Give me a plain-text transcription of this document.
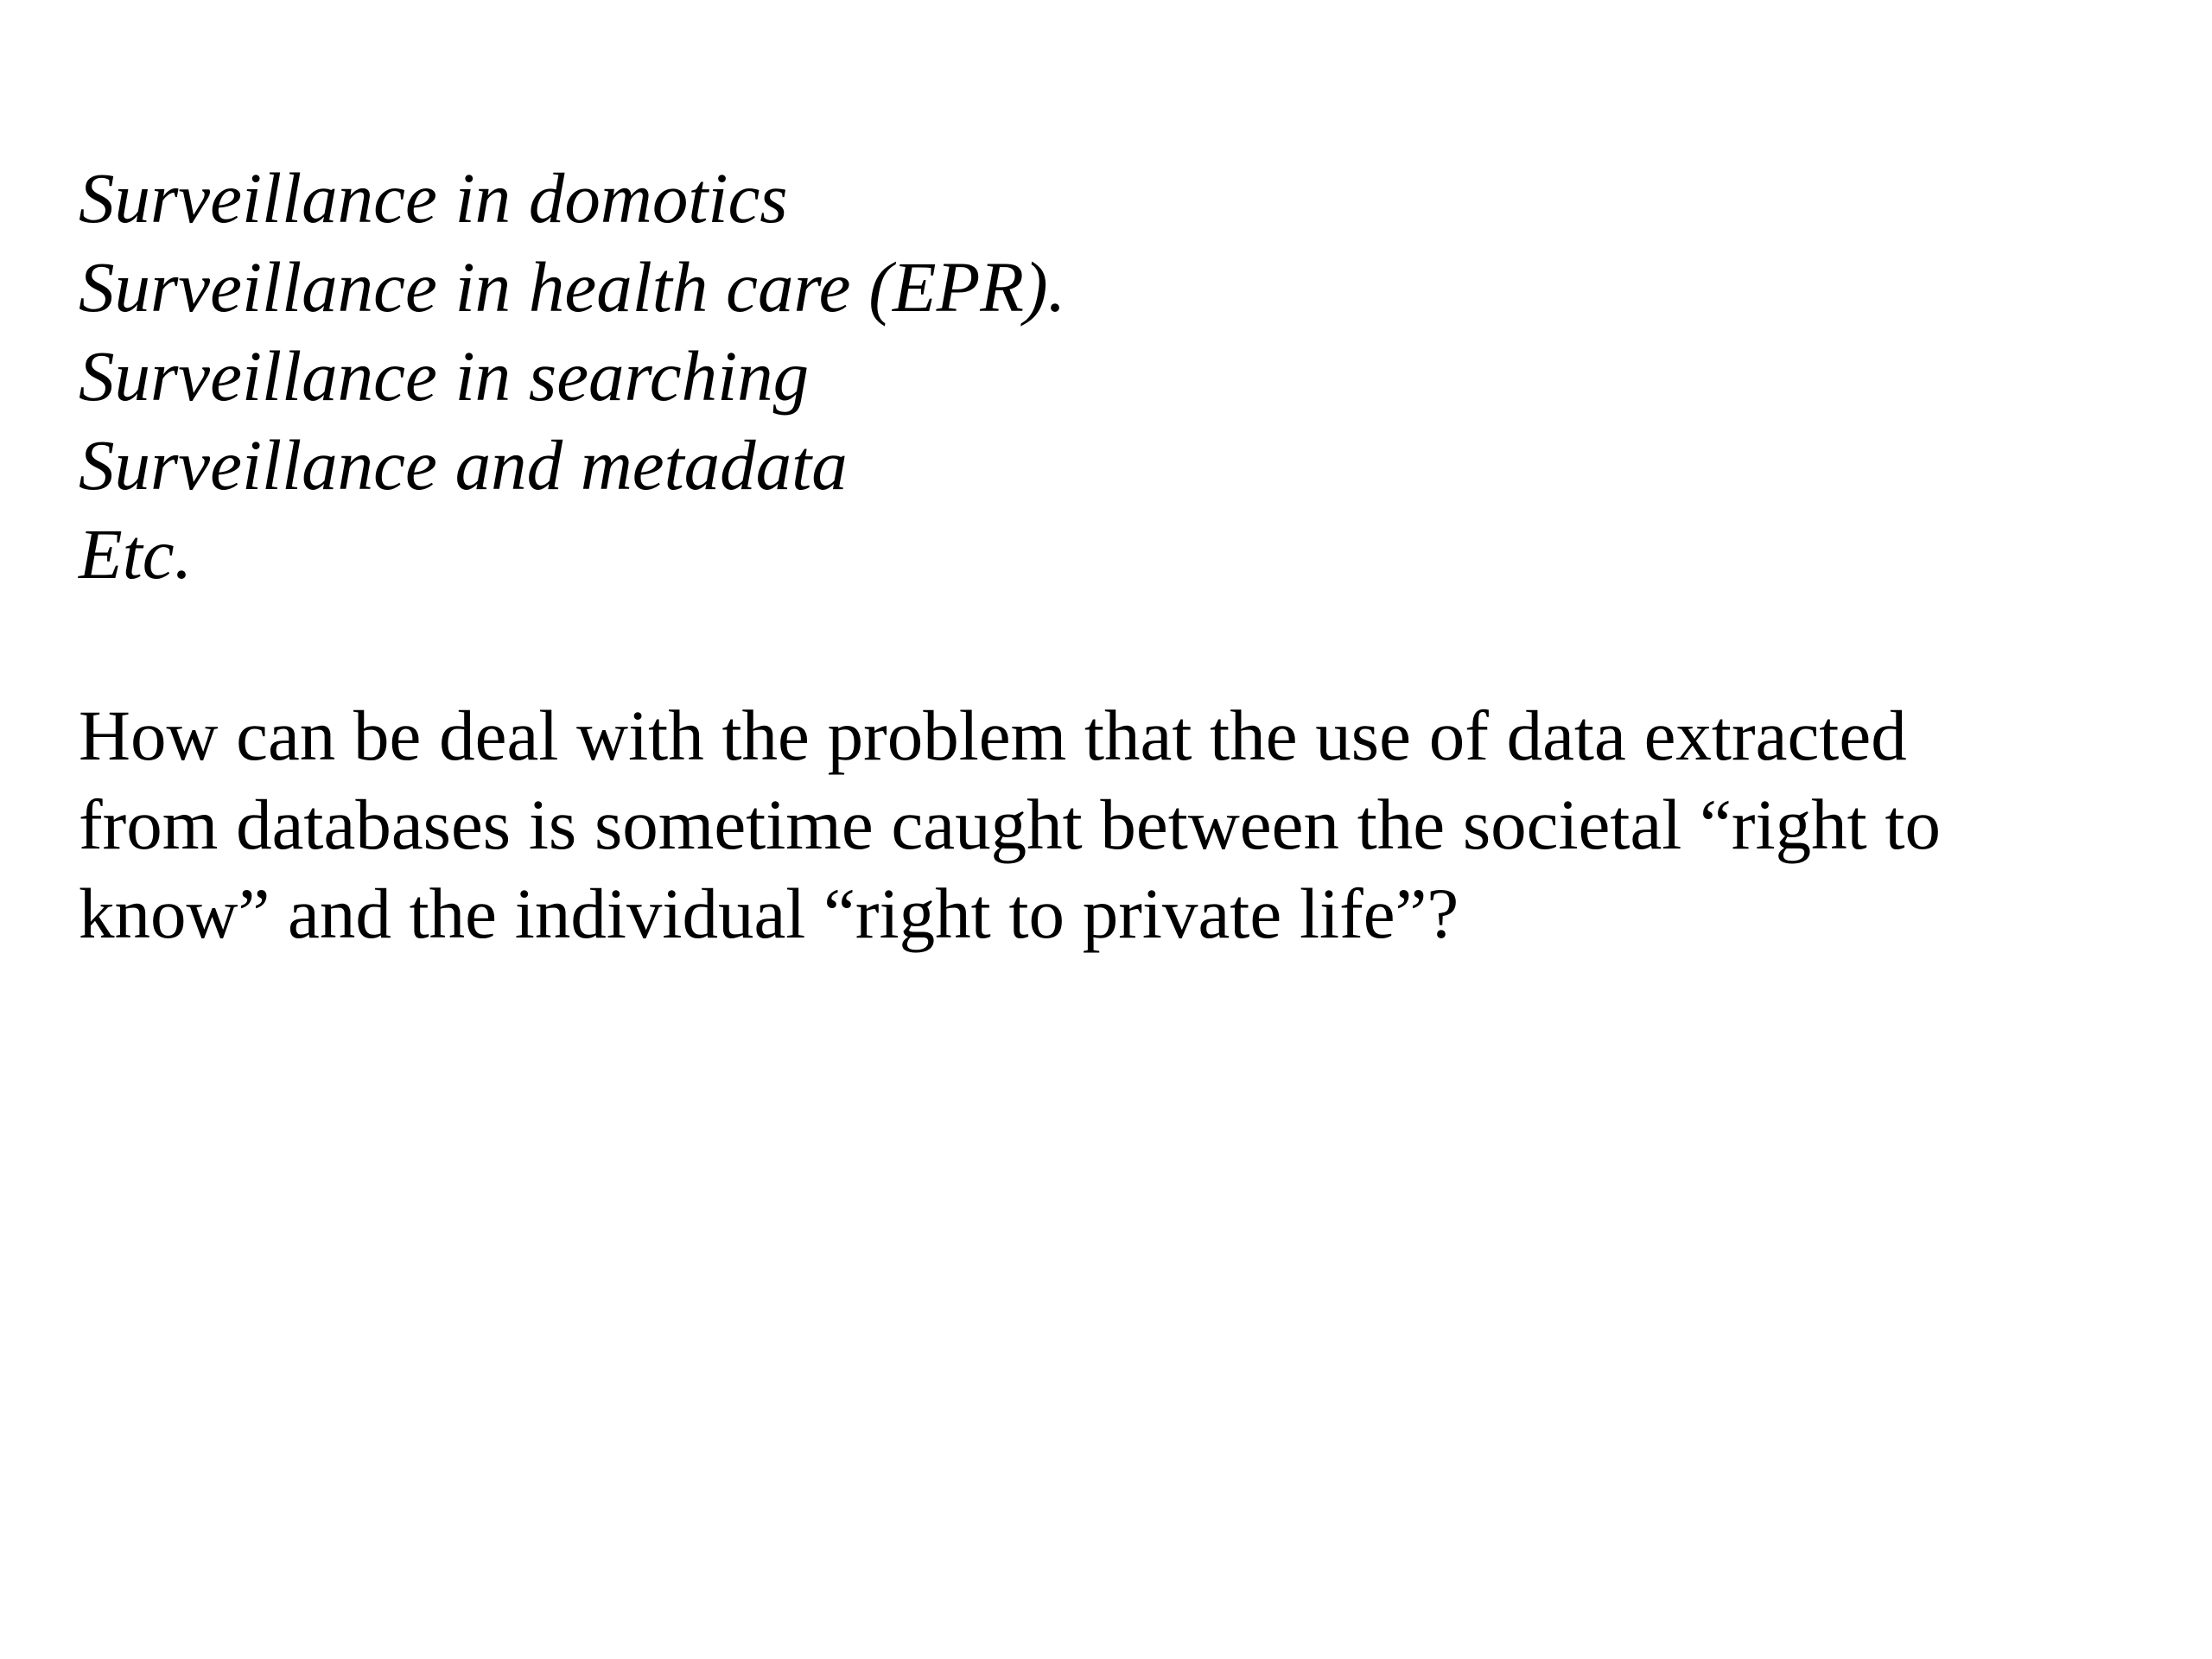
Surveillance in domotics
Surveillance in health care (EPR).
Surveillance in searching
Surveillance and metadata
Etc.

How can be deal with the problem that the use of data extracted
from databases is sometime caught between the societal “right to
know” and the individual “right to private life”?
